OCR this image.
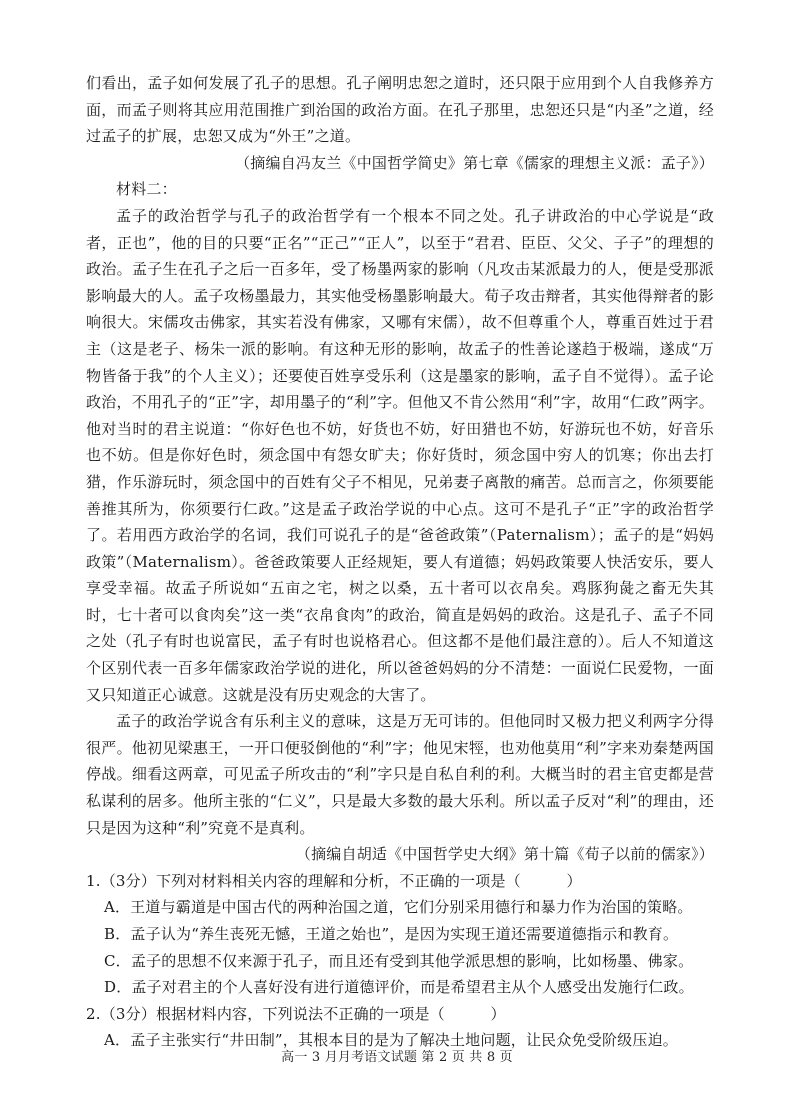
们看出，孟子如何发展了孔子的思想。孔子阐明忠恕之道时，还只限于应用到个人自我修养方面，而孟子则将其应用范围推广到治国的政治方面。在孔子那里，忠恕还只是“内圣”之道，经过孟子的扩展，忠恕又成为“外王”之道。

（摘编自冯友兰《中国哲学简史》第七章《儒家的理想主义派：孟子》）

材料二：

孟子的政治哲学与孔子的政治哲学有一个根本不同之处。孔子讲政治的中心学说是“政者，正也”，他的目的只要“正名”“正己”“正人”，以至于“君君、臣臣、父父、子子”的理想的政治。孟子生在孔子之后一百多年，受了杨墨两家的影响（凡攻击某派最力的人，便是受那派影响最大的人。孟子攻杨墨最力，其实他受杨墨影响最大。荀子攻击辩者，其实他得辩者的影响很大。宋儒攻击佛家，其实若没有佛家，又哪有宋儒），故不但尊重个人，尊重百姓过于君主（这是老子、杨朱一派的影响。有这种无形的影响，故孟子的性善论遂趋于极端，遂成“万物皆备于我”的个人主义）；还要使百姓享受乐利（这是墨家的影响，孟子自不觉得）。孟子论政治，不用孔子的“正”字，却用墨子的“利”字。但他又不肯公然用“利”字，故用“仁政”两字。他对当时的君主说道：“你好色也不妨，好货也不妨，好田猎也不妨，好游玩也不妨，好音乐也不妨。但是你好色时，须念国中有怨女旷夫；你好货时，须念国中穷人的饥寒；你出去打猎，作乐游玩时，须念国中的百姓有父子不相见，兄弟妻子离散的痛苦。总而言之，你须要能善推其所为，你须要行仁政。”这是孟子政治学说的中心点。这可不是孔子“正”字的政治哲学了。若用西方政治学的名词，我们可说孔子的是“爸爸政策”（Paternalism）；孟子的是“妈妈政策”（Maternalism）。爸爸政策要人正经规矩，要人有道德；妈妈政策要人快活安乐，要人享受幸福。故孟子所说如“五亩之宅，树之以桑，五十者可以衣帛矣。鸡豚狗彘之畜无失其时，七十者可以食肉矣”这一类“衣帛食肉”的政治，简直是妈妈的政治。这是孔子、孟子不同之处（孔子有时也说富民，孟子有时也说格君心。但这都不是他们最注意的）。后人不知道这个区别代表一百多年儒家政治学说的进化，所以爸爸妈妈的分不清楚：一面说仁民爱物，一面又只知道正心诚意。这就是没有历史观念的大害了。

孟子的政治学说含有乐利主义的意味，这是万无可讳的。但他同时又极力把义利两字分得很严。他初见梁惠王，一开口便驳倒他的“利”字；他见宋牼，也劝他莫用“利”字来劝秦楚两国停战。细看这两章，可见孟子所攻击的“利”字只是自私自利的利。大概当时的君主官吏都是营私谋利的居多。他所主张的“仁义”，只是最大多数的最大乐利。所以孟子反对“利”的理由，还只是因为这种“利”究竟不是真利。

（摘编自胡适《中国哲学史大纲》第十篇《荀子以前的儒家》）

1.（3分）下列对材料相关内容的理解和分析，不正确的一项是（　　　）

A．王道与霸道是中国古代的两种治国之道，它们分别采用德行和暴力作为治国的策略。

B．孟子认为“养生丧死无憾，王道之始也”，是因为实现王道还需要道德指示和教育。

C．孟子的思想不仅来源于孔子，而且还有受到其他学派思想的影响，比如杨墨、佛家。

D．孟子对君主的个人喜好没有进行道德评价，而是希望君主从个人感受出发施行仁政。

2.（3分）根据材料内容，下列说法不正确的一项是（　　　）

A．孟子主张实行“井田制”，其根本目的是为了解决土地问题，让民众免受阶级压迫。

高一 3 月月考语文试题 第 2 页 共 8 页
